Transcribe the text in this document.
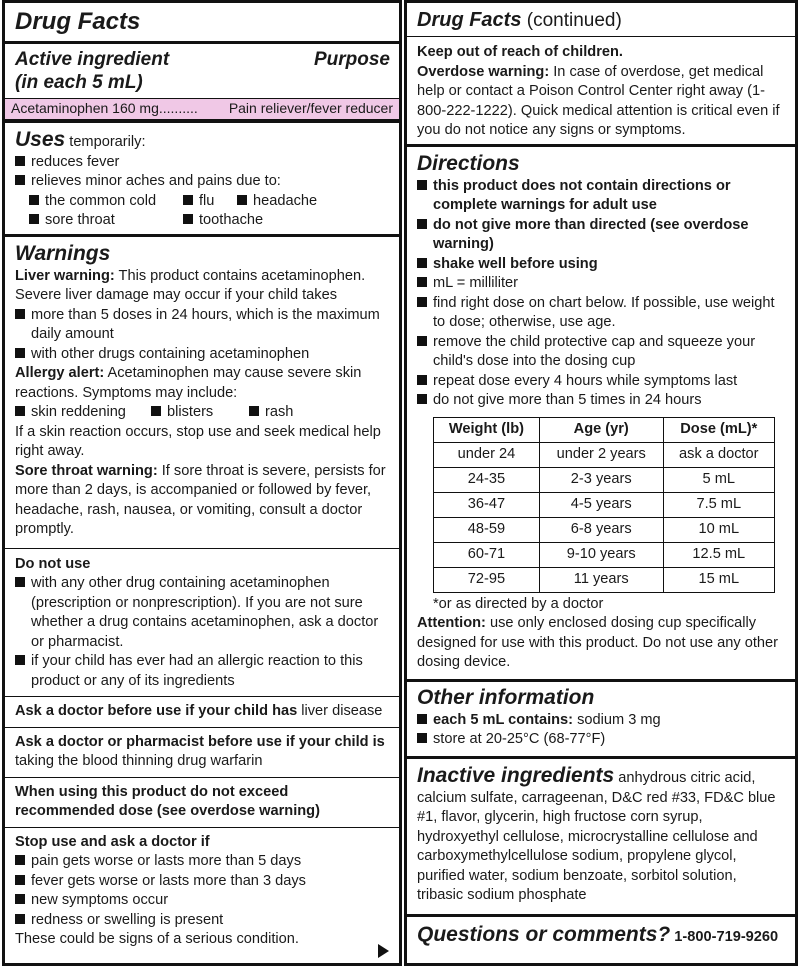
Drug Facts
Active ingredient	Purpose
(in each 5 mL)
Acetaminophen 160 mg.......... Pain reliever/fever reducer
Uses temporarily:
reduces fever
relieves minor aches and pains due to:
the common cold	flu	headache
sore throat	toothache
Warnings
Liver warning: This product contains acetaminophen. Severe liver damage may occur if your child takes
more than 5 doses in 24 hours, which is the maximum daily amount
with other drugs containing acetaminophen
Allergy alert: Acetaminophen may cause severe skin reactions. Symptoms may include:
skin reddening	blisters	rash
If a skin reaction occurs, stop use and seek medical help right away.
Sore throat warning: If sore throat is severe, persists for more than 2 days, is accompanied or followed by fever, headache, rash, nausea, or vomiting, consult a doctor promptly.
Do not use
with any other drug containing acetaminophen (prescription or nonprescription). If you are not sure whether a drug contains acetaminophen, ask a doctor or pharmacist.
if your child has ever had an allergic reaction to this product or any of its ingredients
Ask a doctor before use if your child has liver disease
Ask a doctor or pharmacist before use if your child is taking the blood thinning drug warfarin
When using this product do not exceed recommended dose (see overdose warning)
Stop use and ask a doctor if
pain gets worse or lasts more than 5 days
fever gets worse or lasts more than 3 days
new symptoms occur
redness or swelling is present
These could be signs of a serious condition.
Drug Facts (continued)
Keep out of reach of children.
Overdose warning: In case of overdose, get medical help or contact a Poison Control Center right away (1-800-222-1222). Quick medical attention is critical even if you do not notice any signs or symptoms.
Directions
this product does not contain directions or complete warnings for adult use
do not give more than directed (see overdose warning)
shake well before using
mL = milliliter
find right dose on chart below. If possible, use weight to dose; otherwise, use age.
remove the child protective cap and squeeze your child's dose into the dosing cup
repeat dose every 4 hours while symptoms last
do not give more than 5 times in 24 hours
Weight (lb)	Age (yr)	Dose (mL)*
under 24	under 2 years	ask a doctor
24-35	2-3 years	5 mL
36-47	4-5 years	7.5 mL
48-59	6-8 years	10 mL
60-71	9-10 years	12.5 mL
72-95	11 years	15 mL
*or as directed by a doctor
Attention: use only enclosed dosing cup specifically designed for use with this product. Do not use any other dosing device.
Other information
each 5 mL contains: sodium 3 mg
store at 20-25°C (68-77°F)
Inactive ingredients anhydrous citric acid, calcium sulfate, carrageenan, D&C red #33, FD&C blue #1, flavor, glycerin, high fructose corn syrup, hydroxyethyl cellulose, microcrystalline cellulose and carboxymethylcellulose sodium, propylene glycol, purified water, sodium benzoate, sorbitol solution, tribasic sodium phosphate
Questions or comments? 1-800-719-9260
